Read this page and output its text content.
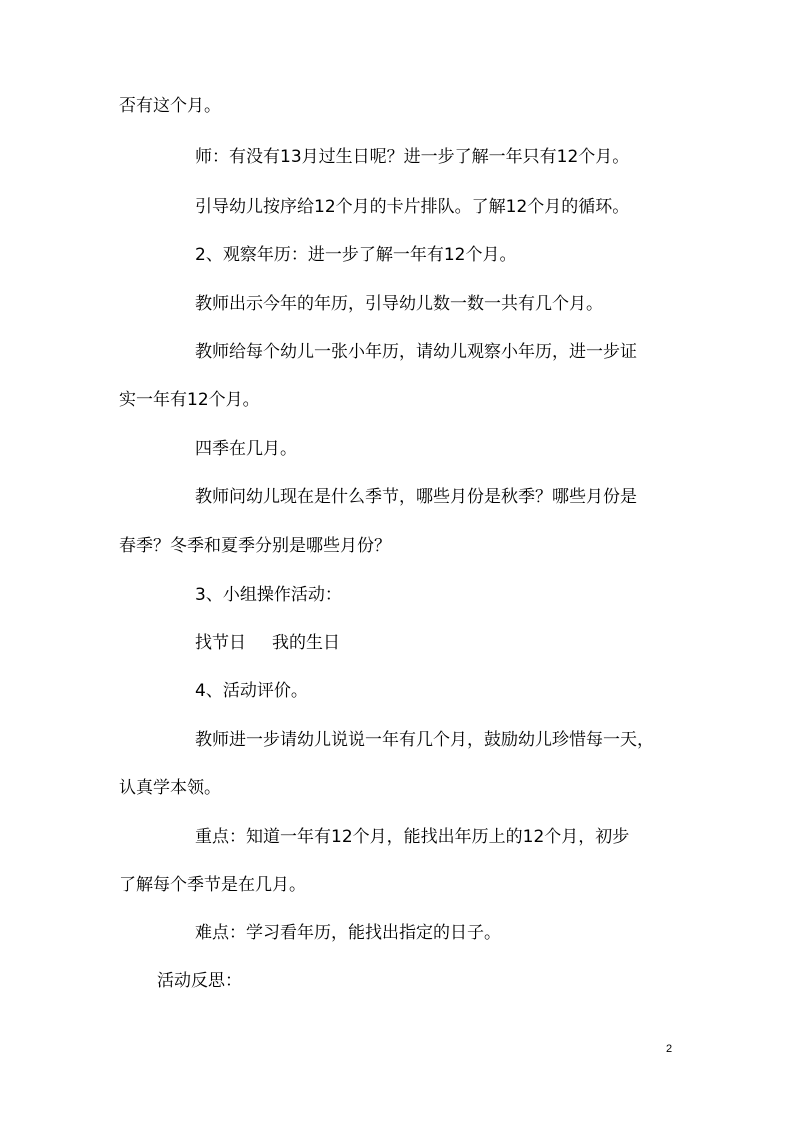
否有这个月。
师：有没有13月过生日呢？进一步了解一年只有12个月。
引导幼儿按序给12个月的卡片排队。了解12个月的循环。
2、观察年历：进一步了解一年有12个月。
教师出示今年的年历，引导幼儿数一数一共有几个月。
教师给每个幼儿一张小年历，请幼儿观察小年历，进一步证
实一年有12个月。
四季在几月。
教师问幼儿现在是什么季节，哪些月份是秋季？哪些月份是
春季？冬季和夏季分别是哪些月份？
3、小组操作活动：
找节日 我的生日
4、活动评价。
教师进一步请幼儿说说一年有几个月，鼓励幼儿珍惜每一天，
认真学本领。
重点：知道一年有12个月，能找出年历上的12个月，初步
了解每个季节是在几月。
难点：学习看年历，能找出指定的日子。
活动反思：
2
